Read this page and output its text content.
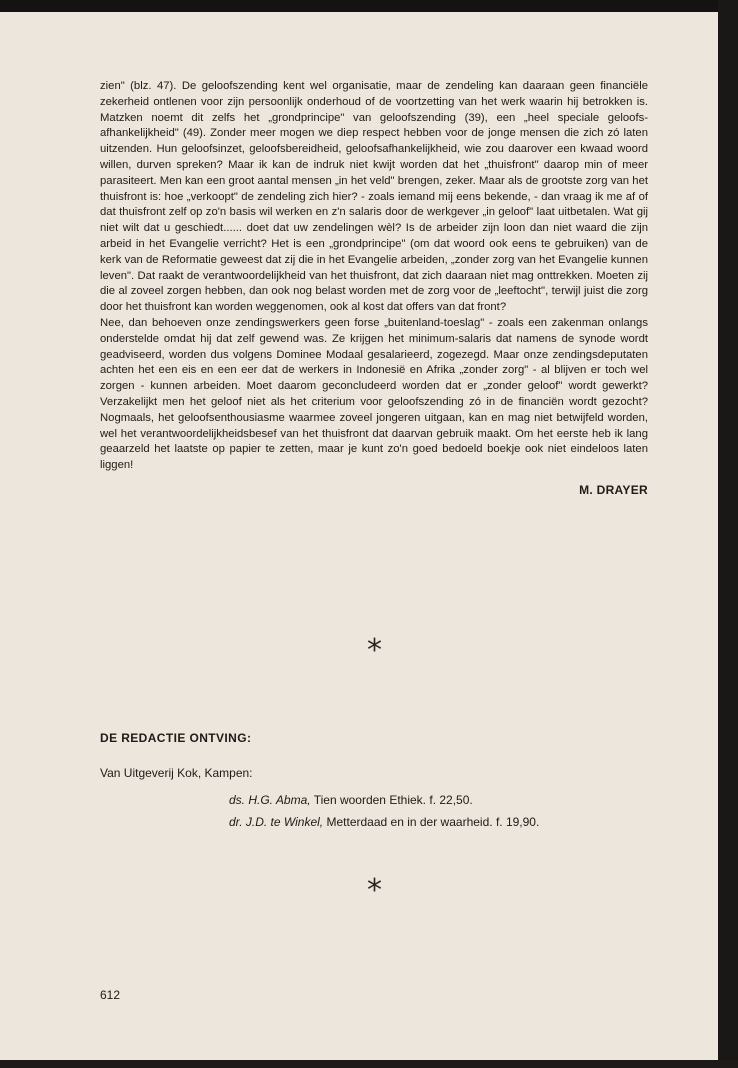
zien" (blz. 47). De geloofszending kent wel organisatie, maar de zendeling kan daaraan geen financiële zekerheid ontlenen voor zijn persoonlijk onderhoud of de voortzetting van het werk waarin hij betrokken is. Matzken noemt dit zelfs het „grondprincipe" van geloofszending (39), een „heel speciale geloofs-afhankelijkheid" (49). Zonder meer mogen we diep respect hebben voor de jonge mensen die zich zó laten uitzenden. Hun geloofsinzet, geloofsbereidheid, geloofsafhankelijkheid, wie zou daarover een kwaad woord willen, durven spreken? Maar ik kan de indruk niet kwijt worden dat het „thuisfront" daarop min of meer parasiteert. Men kan een groot aantal mensen „in het veld" brengen, zeker. Maar als de grootste zorg van het thuisfront is: hoe „verkoopt" de zendeling zich hier? - zoals iemand mij eens bekende, - dan vraag ik me af of dat thuisfront zelf op zo'n basis wil werken en z'n salaris door de werkgever „in geloof" laat uitbetalen. Wat gij niet wilt dat u geschiedt...... doet dat uw zendelingen wèl? Is de arbeider zijn loon dan niet waard die zijn arbeid in het Evangelie verricht? Het is een „grondprincipe" (om dat woord ook eens te gebruiken) van de kerk van de Reformatie geweest dat zij die in het Evangelie arbeiden, „zonder zorg van het Evangelie kunnen leven". Dat raakt de verantwoordelijkheid van het thuisfront, dat zich daaraan niet mag onttrekken. Moeten zij die al zoveel zorgen hebben, dan ook nog belast worden met de zorg voor de „leeftocht", terwijl juist die zorg door het thuisfront kan worden weggenomen, ook al kost dat offers van dat front?

Nee, dan behoeven onze zendingswerkers geen forse „buitenland-toeslag" - zoals een zakenman onlangs onderstelde omdat hij dat zelf gewend was. Ze krijgen het minimum-salaris dat namens de synode wordt geadviseerd, worden dus volgens Dominee Modaal gesalarieerd, zogezegd. Maar onze zendingsdeputaten achten het een eis en een eer dat de werkers in Indonesië en Afrika „zonder zorg" - al blijven er toch wel zorgen - kunnen arbeiden. Moet daarom geconcludeerd worden dat er „zonder geloof" wordt gewerkt? Verzakelijkt men het geloof niet als het criterium voor geloofszending zó in de financiën wordt gezocht? Nogmaals, het geloofsenthousiasme waarmee zoveel jongeren uitgaan, kan en mag niet betwijfeld worden, wel het verantwoordelijkheidsbesef van het thuisfront dat daarvan gebruik maakt. Om het eerste heb ik lang geaarzeld het laatste op papier te zetten, maar je kunt zo'n goed bedoeld boekje ook niet eindeloos laten liggen!

M. DRAYER
*

DE REDACTIE ONTVING:

Van Uitgeverij Kok, Kampen:

ds. H.G. Abma, Tien woorden Ethiek. f. 22,50.

dr. J.D. te Winkel, Metterdaad en in der waarheid. f. 19,90.

*

612
